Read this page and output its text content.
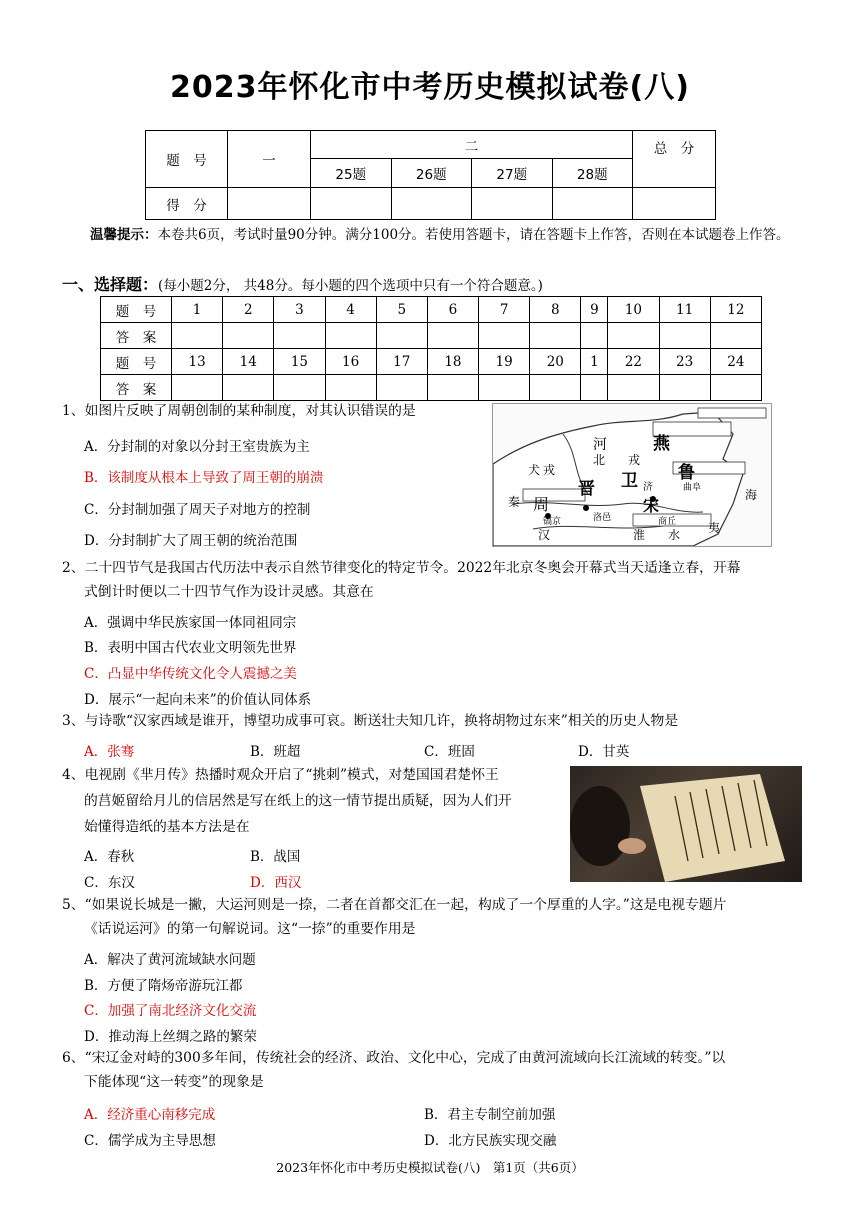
2023年怀化市中考历史模拟试卷(八)
题　号	一	二				总　分
		25题	26题	27题	28题	
得　分						
温馨提示：本卷共6页，考试时量90分钟。满分100分。若使用答题卡，请在答题卡上作答，否则在本试题卷上作答。
一、选择题：(每小题2分， 共48分。每小题的四个选项中只有一个符合题意。)
题　号	1	2	3	4	5	6	7	8	9	10	11	12
答　案												
题　号	13	14	15	16	17	18	19	20	1	22	23	24
答　案												
1、如图片反映了周朝创制的某种制度，对其认识错误的是
A．分封制的对象以分封王室贵族为主
B．该制度从根本上导致了周王朝的崩溃
C．分封制加强了周天子对地方的控制
D．分封制扩大了周王朝的统治范围
河
北
燕
戎
犬 戎
晋 卫 鲁
秦 周
镐京	洛邑
宋
济
汉	淮 水 夷
海
商丘
曲阜
2、二十四节气是我国古代历法中表示自然节律变化的特定节令。2022年北京冬奥会开幕式当天适逢立春，开幕
式倒计时便以二十四节气作为设计灵感。其意在
A．强调中华民族家国一体同祖同宗
B．表明中国古代农业文明领先世界
C．凸显中华传统文化令人震撼之美
D．展示“一起向未来”的价值认同体系
3、与诗歌“汉家西域是谁开，博望功成事可哀。断送壮夫知几许，换将胡物过东来”相关的历史人物是
A．张骞	B．班超	C．班固	D．甘英
4、电视剧《芈月传》热播时观众开启了“挑刺”模式，对楚国国君楚怀王
的莒姬留给月儿的信居然是写在纸上的这一情节提出质疑，因为人们开
始懂得造纸的基本方法是在
A．春秋	B．战国
C．东汉	D．西汉
5、“如果说长城是一撇，大运河则是一捺，二者在首都交汇在一起，构成了一个厚重的人字。”这是电视专题片
《话说运河》的第一句解说词。这“一捺”的重要作用是
A．解决了黄河流域缺水问题
B．方便了隋炀帝游玩江都
C．加强了南北经济文化交流
D．推动海上丝绸之路的繁荣
6、“宋辽金对峙的300多年间，传统社会的经济、政治、文化中心，完成了由黄河流域向长江流域的转变。”以
下能体现“这一转变”的现象是
A．经济重心南移完成	B．君主专制空前加强
C．儒学成为主导思想	D．北方民族实现交融
2023年怀化市中考历史模拟试卷(八)　第1页（共6页）
